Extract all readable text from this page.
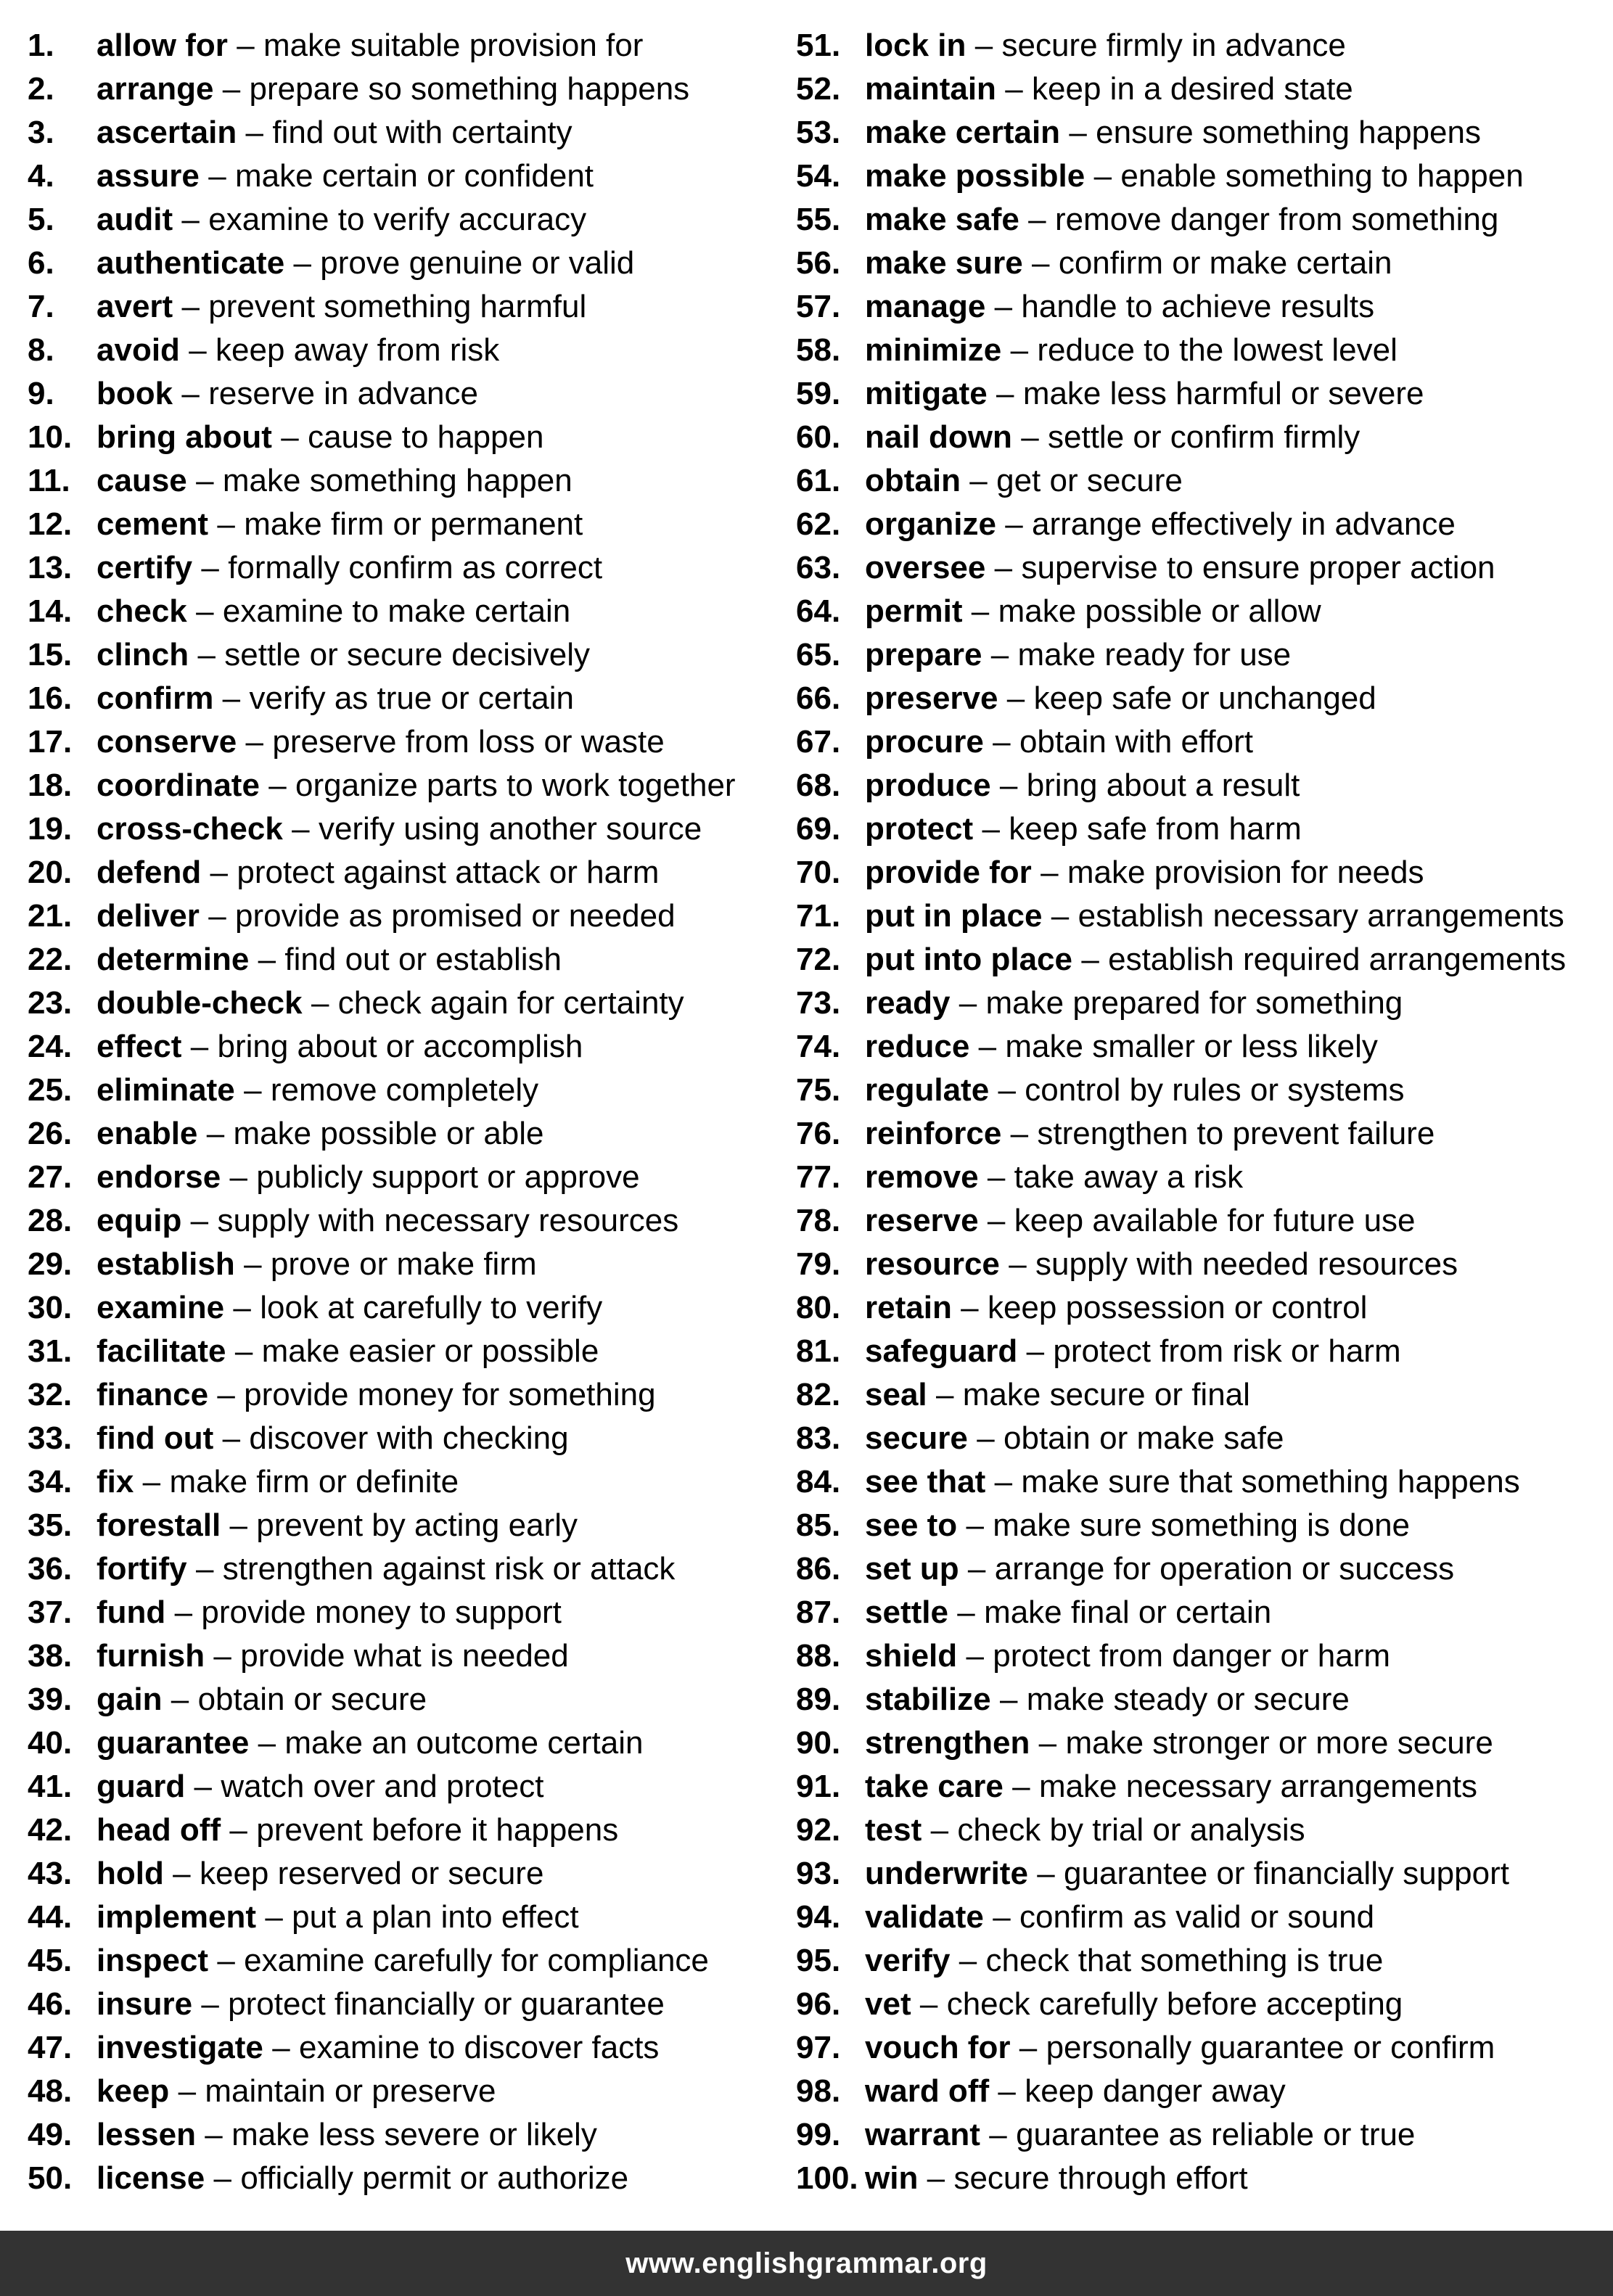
1.	allow for – make suitable provision for
2.	arrange – prepare so something happens
3.	ascertain – find out with certainty
4.	assure – make certain or confident
5.	audit – examine to verify accuracy
6.	authenticate – prove genuine or valid
7.	avert – prevent something harmful
8.	avoid – keep away from risk
9.	book – reserve in advance
10. bring about – cause to happen
11. cause – make something happen
12. cement – make firm or permanent
13. certify – formally confirm as correct
14. check – examine to make certain
15. clinch – settle or secure decisively
16. confirm – verify as true or certain
17. conserve – preserve from loss or waste
18. coordinate – organize parts to work together
19. cross-check – verify using another source
20. defend – protect against attack or harm
21. deliver – provide as promised or needed
22. determine – find out or establish
23. double-check – check again for certainty
24. effect – bring about or accomplish
25. eliminate – remove completely
26. enable – make possible or able
27. endorse – publicly support or approve
28. equip – supply with necessary resources
29. establish – prove or make firm
30. examine – look at carefully to verify
31. facilitate – make easier or possible
32. finance – provide money for something
33. find out – discover with checking
34. fix – make firm or definite
35. forestall – prevent by acting early
36. fortify – strengthen against risk or attack
37. fund – provide money to support
38. furnish – provide what is needed
39. gain – obtain or secure
40. guarantee – make an outcome certain
41. guard – watch over and protect
42. head off – prevent before it happens
43. hold – keep reserved or secure
44. implement – put a plan into effect
45. inspect – examine carefully for compliance
46. insure – protect financially or guarantee
47. investigate – examine to discover facts
48. keep – maintain or preserve
49. lessen – make less severe or likely
50. license – officially permit or authorize
51. lock in – secure firmly in advance
52. maintain – keep in a desired state
53. make certain – ensure something happens
54. make possible – enable something to happen
55. make safe – remove danger from something
56. make sure – confirm or make certain
57. manage – handle to achieve results
58. minimize – reduce to the lowest level
59. mitigate – make less harmful or severe
60. nail down – settle or confirm firmly
61. obtain – get or secure
62. organize – arrange effectively in advance
63. oversee – supervise to ensure proper action
64. permit – make possible or allow
65. prepare – make ready for use
66. preserve – keep safe or unchanged
67. procure – obtain with effort
68. produce – bring about a result
69. protect – keep safe from harm
70. provide for – make provision for needs
71. put in place – establish necessary arrangements
72. put into place – establish required arrangements
73. ready – make prepared for something
74. reduce – make smaller or less likely
75. regulate – control by rules or systems
76. reinforce – strengthen to prevent failure
77. remove – take away a risk
78. reserve – keep available for future use
79. resource – supply with needed resources
80. retain – keep possession or control
81. safeguard – protect from risk or harm
82. seal – make secure or final
83. secure – obtain or make safe
84. see that – make sure that something happens
85. see to – make sure something is done
86. set up – arrange for operation or success
87. settle – make final or certain
88. shield – protect from danger or harm
89. stabilize – make steady or secure
90. strengthen – make stronger or more secure
91. take care – make necessary arrangements
92. test – check by trial or analysis
93. underwrite – guarantee or financially support
94. validate – confirm as valid or sound
95. verify – check that something is true
96. vet – check carefully before accepting
97. vouch for – personally guarantee or confirm
98. ward off – keep danger away
99. warrant – guarantee as reliable or true
100. win – secure through effort
www.englishgrammar.org
